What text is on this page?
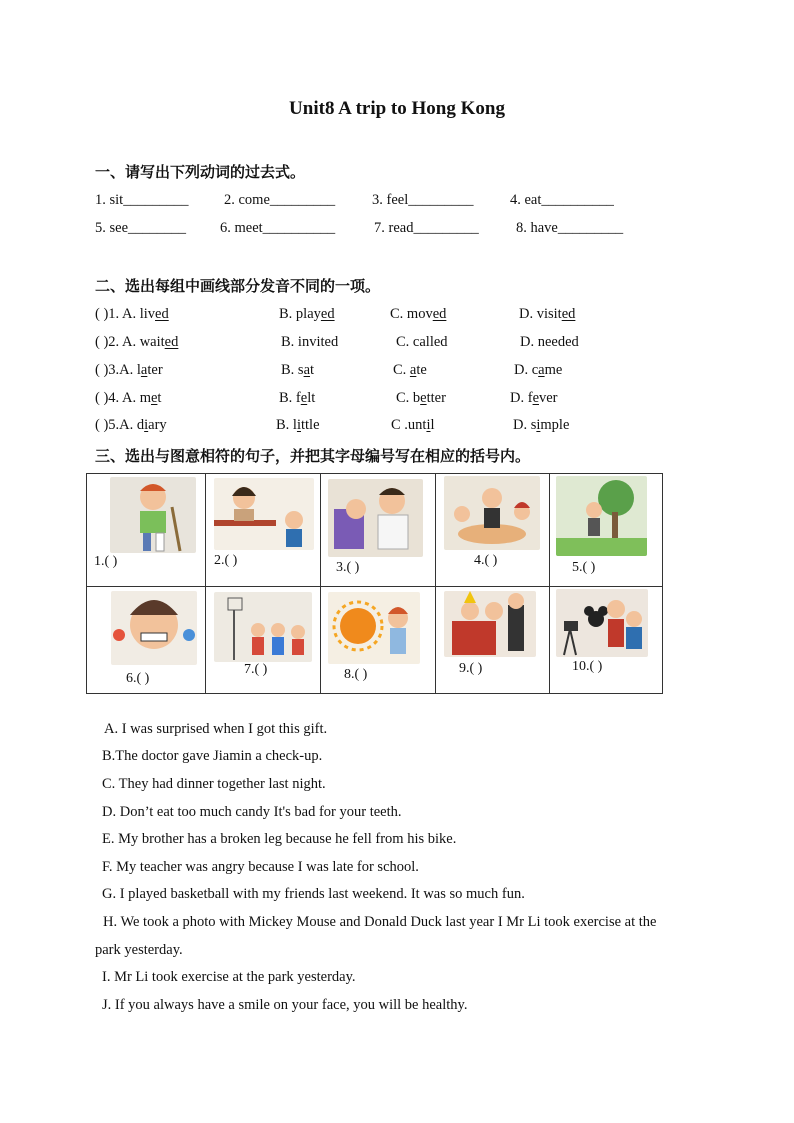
Unit8 A trip to Hong Kong
一、请写出下列动词的过去式。
1. sit_________ 2. come_________	3. feel_________	4. eat__________
5. see________ 6. meet__________	7. read_________	8. have_________
二、选出每组中画线部分发音不同的一项。
( )1. A. lived	B. played	C. moved	D. visited
( )2. A. waited	B. invited	C. called	D. needed
( )3.A. later	B. sat	C. ate	D. came
( )4. A. met	B. felt	C. better	D. fever
( )5.A. diary	B. little	C .until	D. simple
三、选出与图意相符的句子，并把其字母编号写在相应的括号内。
1.( )	2.( )	3.( )	4.( )	5.( )

6.( )	7.( )	8.( )	9.( )	10.( )
A. I was surprised when I got this gift.
B.The doctor gave Jiamin a check-up.
C. They had dinner together last night.
D. Don’t eat too much candy It's bad for your teeth.
E. My brother has a broken leg because he fell from his bike.
F. My teacher was angry because I was late for school.
G. I played basketball with my friends last weekend. It was so much fun.
H. We took a photo with Mickey Mouse and Donald Duck last year I Mr Li took exercise at the park yesterday.
I. Mr Li took exercise at the park yesterday.
J. If you always have a smile on your face, you will be healthy.
